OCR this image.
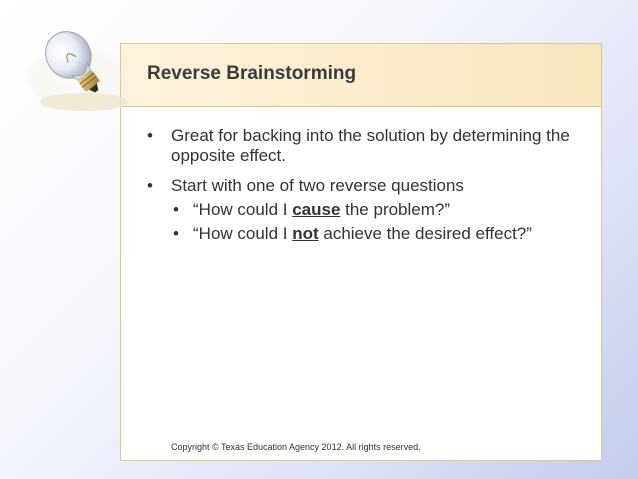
Reverse Brainstorming
• Great for backing into the solution by determining the opposite effect.
• Start with one of two reverse questions
• “How could I cause the problem?”
• “How could I not achieve the desired effect?”
Copyright © Texas Education Agency 2012. All rights reserved.
